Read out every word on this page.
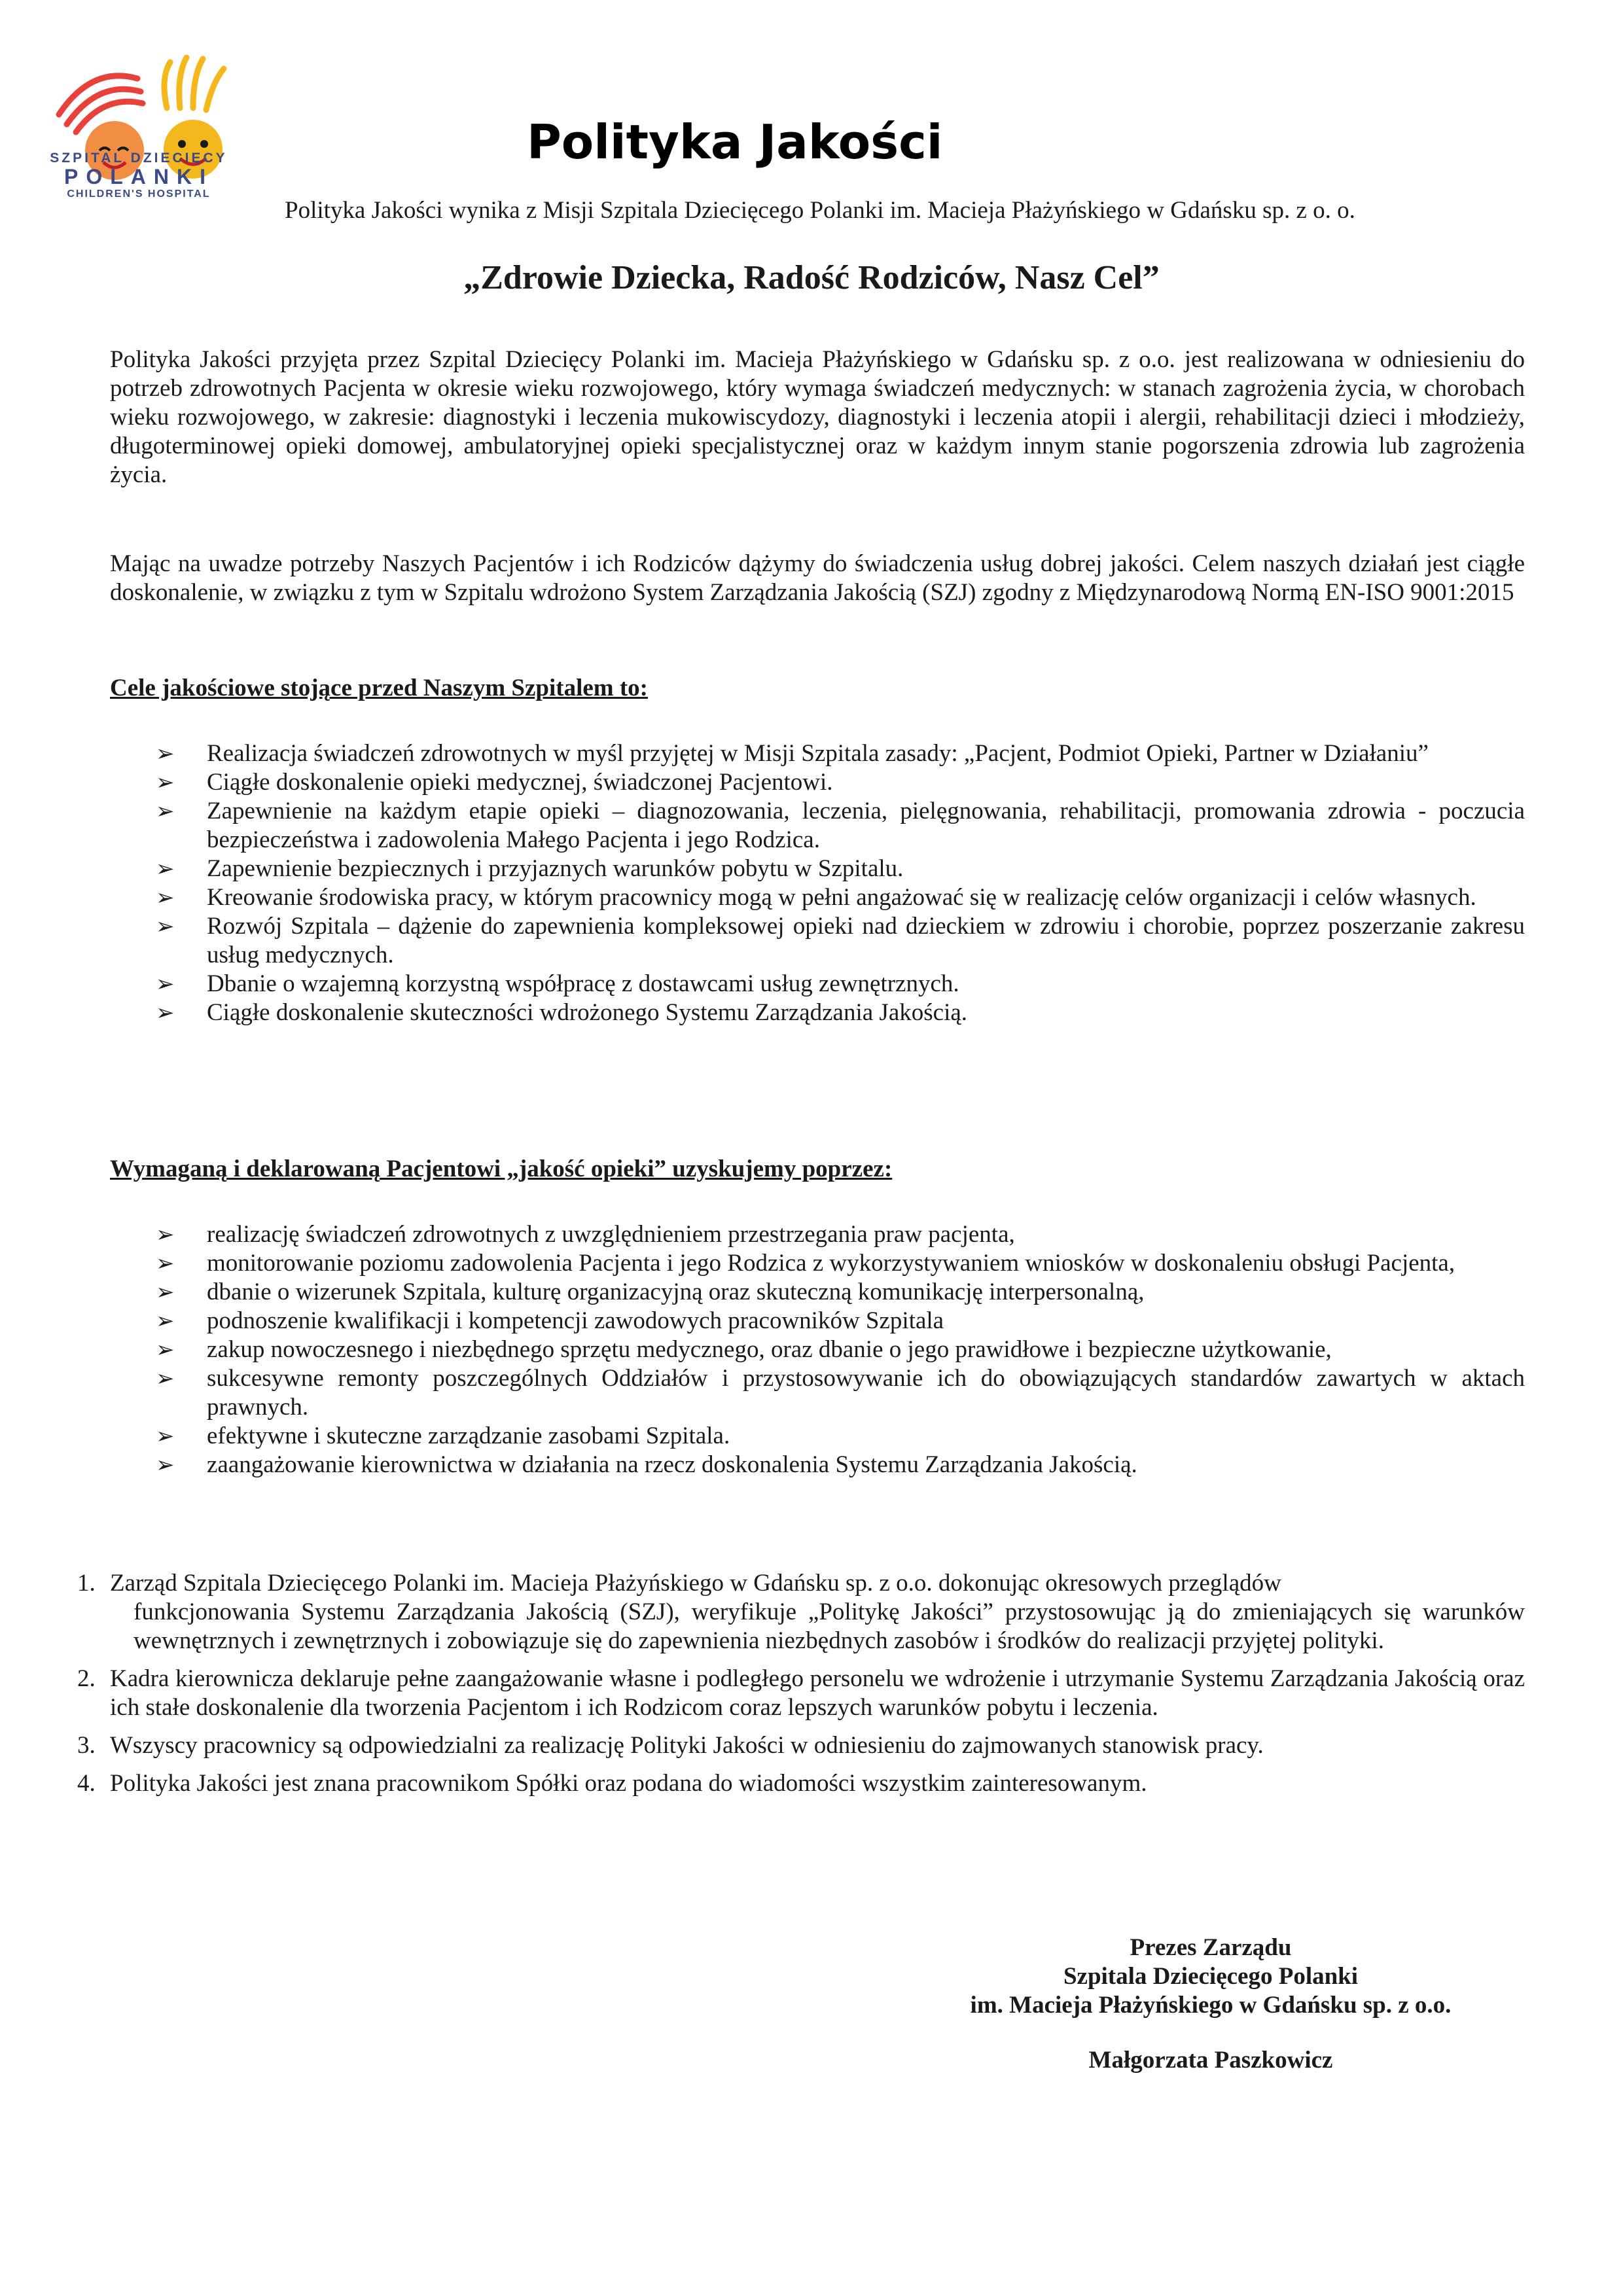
SZPITAL DZIECIĘCY
POLANKI
CHILDREN'S HOSPITAL
Polityka Jakości

Polityka Jakości wynika z Misji Szpitala Dziecięcego Polanki im. Macieja Płażyńskiego w Gdańsku sp. z o. o.

„Zdrowie Dziecka, Radość Rodziców, Nasz Cel”

Polityka Jakości przyjęta przez Szpital Dziecięcy Polanki im. Macieja Płażyńskiego w Gdańsku sp. z o.o. jest realizowana w odniesieniu do potrzeb zdrowotnych Pacjenta w okresie wieku rozwojowego, który wymaga świadczeń medycznych: w stanach zagrożenia życia, w chorobach wieku rozwojowego, w zakresie: diagnostyki i leczenia mukowiscydozy, diagnostyki i leczenia atopii i alergii, rehabilitacji dzieci i młodzieży, długoterminowej opieki domowej, ambulatoryjnej opieki specjalistycznej oraz w każdym innym stanie pogorszenia zdrowia lub zagrożenia życia.

Mając na uwadze potrzeby Naszych Pacjentów i ich Rodziców dążymy do świadczenia usług dobrej jakości. Celem naszych działań jest ciągłe doskonalenie, w związku z tym w Szpitalu wdrożono System Zarządzania Jakością (SZJ) zgodny z Międzynarodową Normą EN-ISO 9001:2015

Cele jakościowe stojące przed Naszym Szpitalem to:

➢ Realizacja świadczeń zdrowotnych w myśl przyjętej w Misji Szpitala zasady: „Pacjent, Podmiot Opieki, Partner w Działaniu”
➢ Ciągłe doskonalenie opieki medycznej, świadczonej Pacjentowi.
➢ Zapewnienie na każdym etapie opieki – diagnozowania, leczenia, pielęgnowania, rehabilitacji, promowania zdrowia - poczucia bezpieczeństwa i zadowolenia Małego Pacjenta i jego Rodzica.
➢ Zapewnienie bezpiecznych i przyjaznych warunków pobytu w Szpitalu.
➢ Kreowanie środowiska pracy, w którym pracownicy mogą w pełni angażować się w realizację celów organizacji i celów własnych.
➢ Rozwój Szpitala – dążenie do zapewnienia kompleksowej opieki nad dzieckiem w zdrowiu i chorobie, poprzez poszerzanie zakresu usług medycznych.
➢ Dbanie o wzajemną korzystną współpracę z dostawcami usług zewnętrznych.
➢ Ciągłe doskonalenie skuteczności wdrożonego Systemu Zarządzania Jakością.

Wymaganą i deklarowaną Pacjentowi „jakość opieki” uzyskujemy poprzez:

➢ realizację świadczeń zdrowotnych z uwzględnieniem przestrzegania praw pacjenta,
➢ monitorowanie poziomu zadowolenia Pacjenta i jego Rodzica z wykorzystywaniem wniosków w doskonaleniu obsługi Pacjenta,
➢ dbanie o wizerunek Szpitala, kulturę organizacyjną oraz skuteczną komunikację interpersonalną,
➢ podnoszenie kwalifikacji i kompetencji zawodowych pracowników Szpitala
➢ zakup nowoczesnego i niezbędnego sprzętu medycznego, oraz dbanie o jego prawidłowe i bezpieczne użytkowanie,
➢ sukcesywne remonty poszczególnych Oddziałów i przystosowywanie ich do obowiązujących standardów zawartych w aktach prawnych.
➢ efektywne i skuteczne zarządzanie zasobami Szpitala.
➢ zaangażowanie kierownictwa w działania na rzecz doskonalenia Systemu Zarządzania Jakością.
1. Zarząd Szpitala Dziecięcego Polanki im. Macieja Płażyńskiego w Gdańsku sp. z o.o. dokonując okresowych przeglądów
funkcjonowania Systemu Zarządzania Jakością (SZJ), weryfikuje „Politykę Jakości” przystosowując ją do zmieniających się warunków wewnętrznych i zewnętrznych i zobowiązuje się do zapewnienia niezbędnych zasobów i środków do realizacji przyjętej polityki.
2. Kadra kierownicza deklaruje pełne zaangażowanie własne i podległego personelu we wdrożenie i utrzymanie Systemu Zarządzania Jakością oraz ich stałe doskonalenie dla tworzenia Pacjentom i ich Rodzicom coraz lepszych warunków pobytu i leczenia.
3. Wszyscy pracownicy są odpowiedzialni za realizację Polityki Jakości w odniesieniu do zajmowanych stanowisk pracy.
4. Polityka Jakości jest znana pracownikom Spółki oraz podana do wiadomości wszystkim zainteresowanym.
Prezes Zarządu
Szpitala Dziecięcego Polanki
im. Macieja Płażyńskiego w Gdańsku sp. z o.o.
Małgorzata Paszkowicz
